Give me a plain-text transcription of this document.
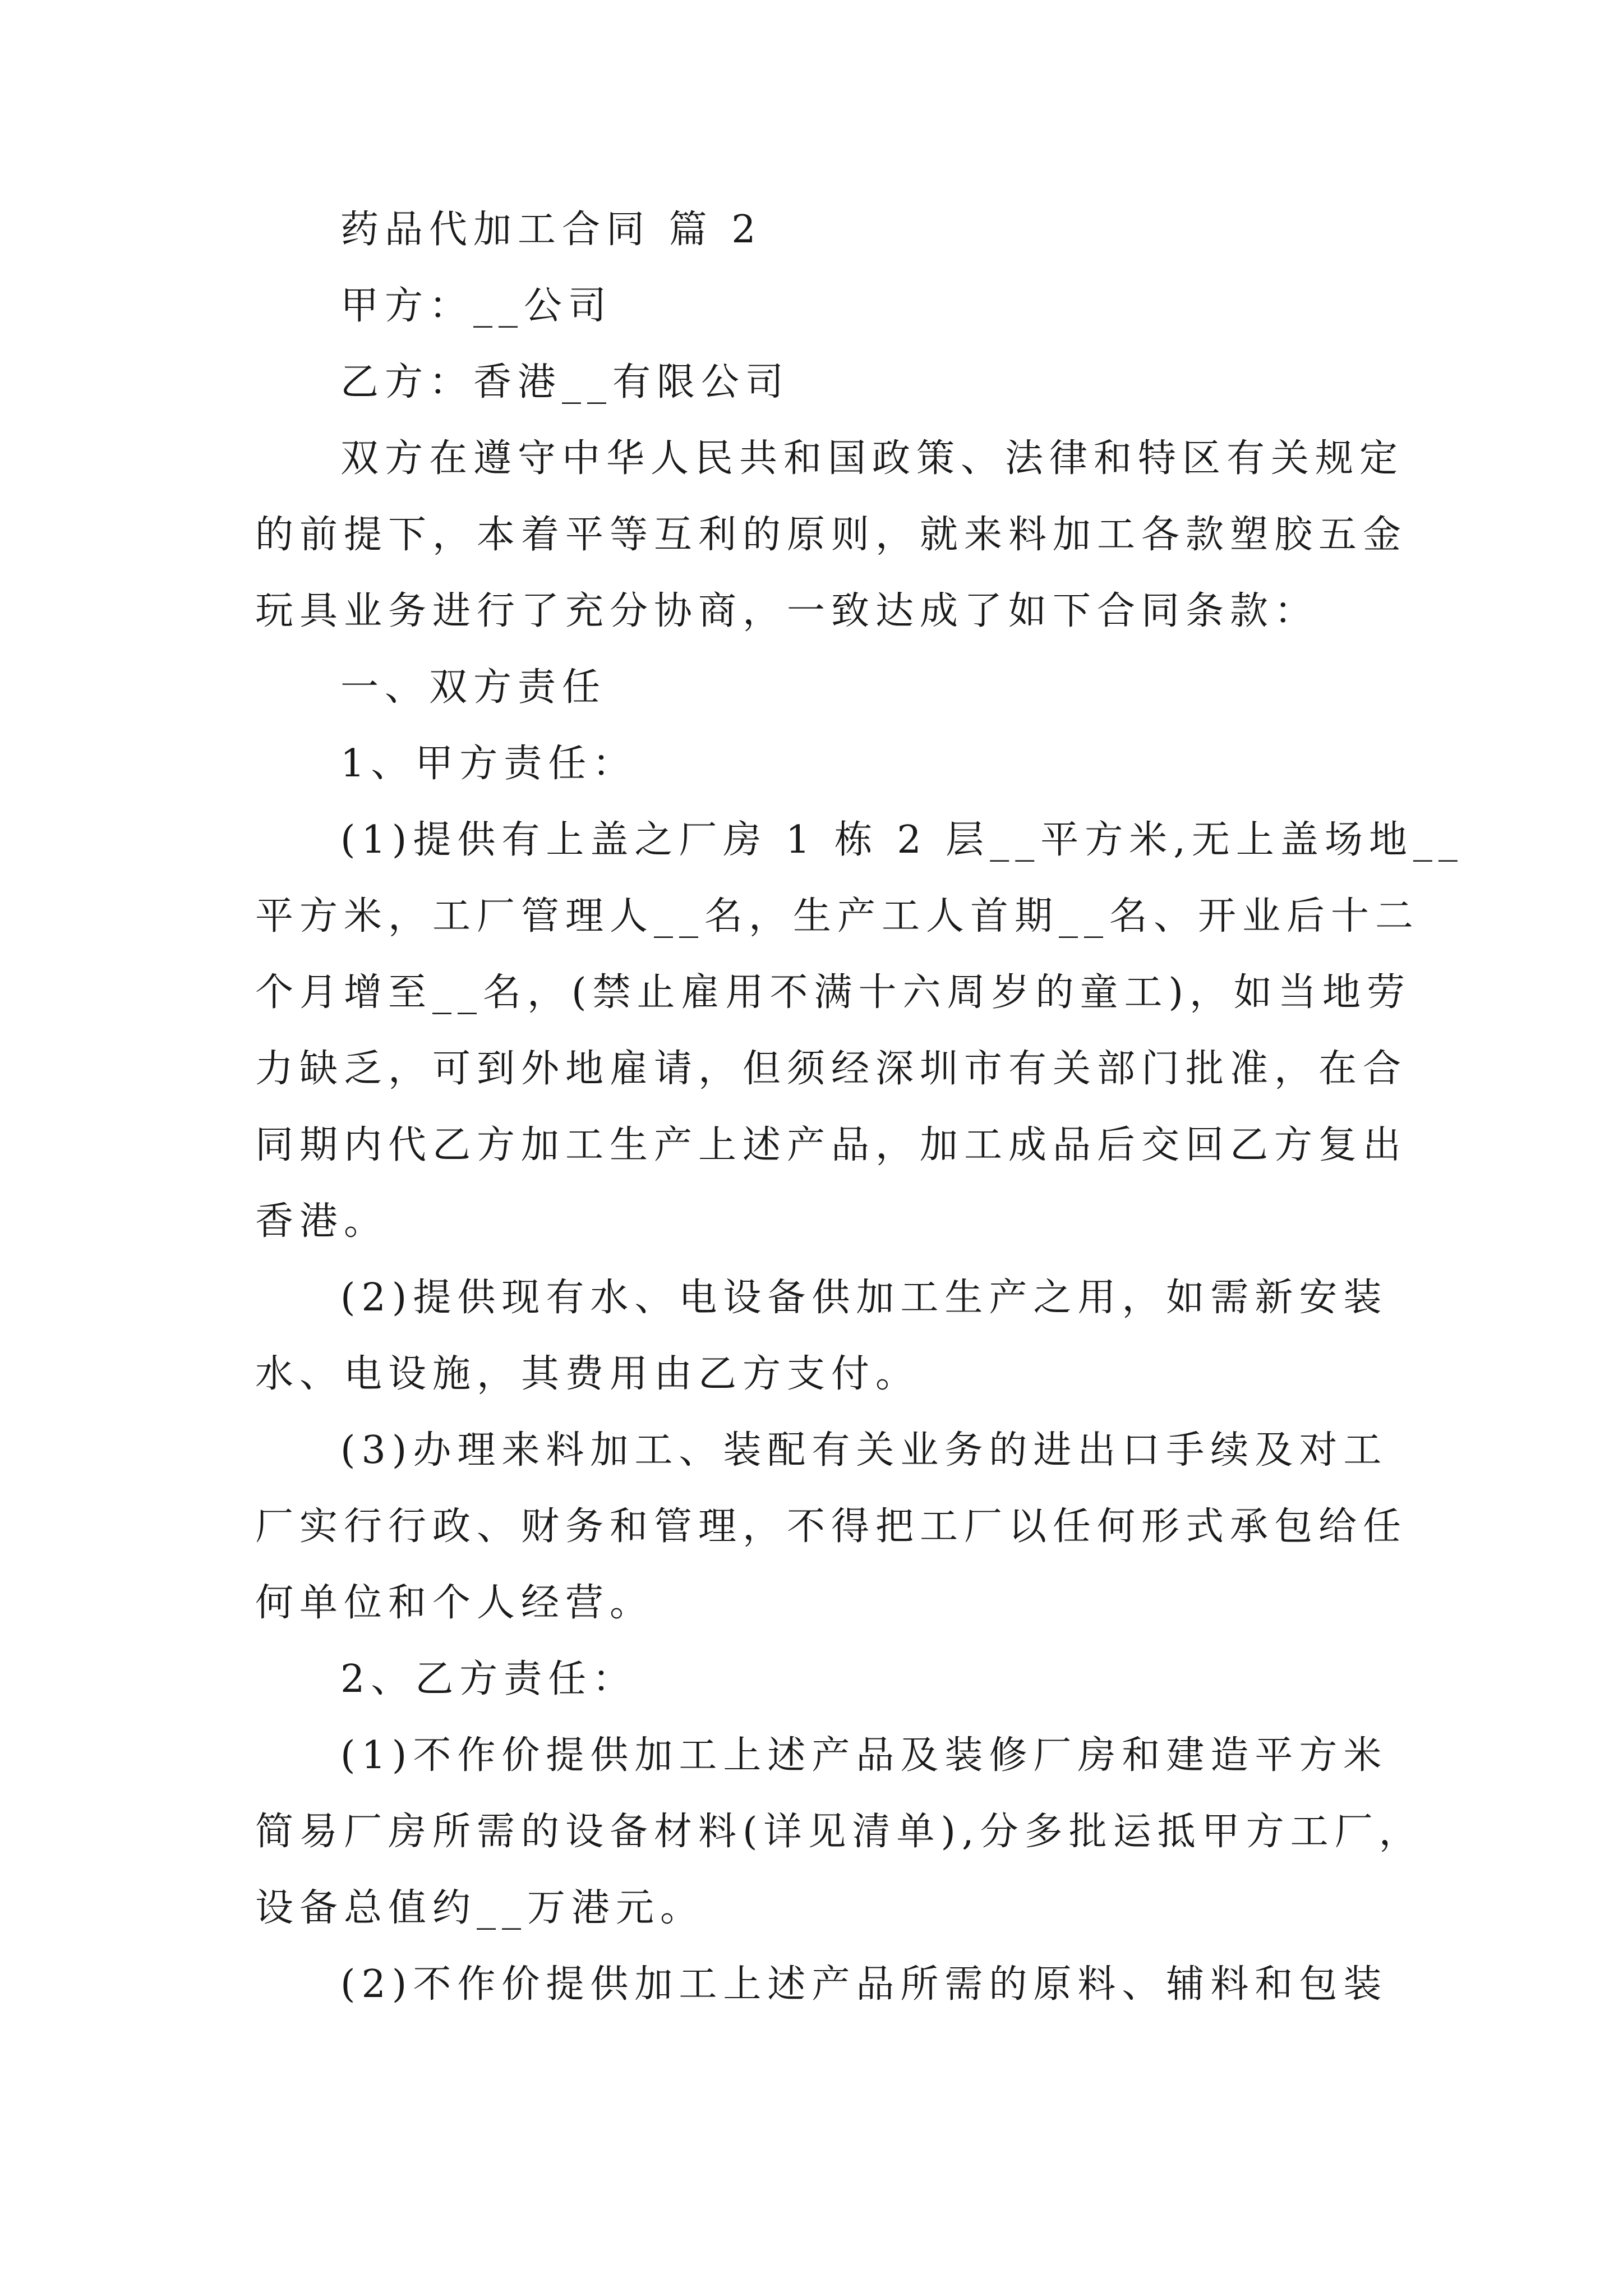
药品代加工合同 篇 2
甲方：__公司
乙方：香港__有限公司
双方在遵守中华人民共和国政策、法律和特区有关规定
的前提下，本着平等互利的原则，就来料加工各款塑胶五金
玩具业务进行了充分协商，一致达成了如下合同条款：
一、双方责任
1、甲方责任：
(1)提供有上盖之厂房 1 栋 2 层__平方米,无上盖场地__
平方米，工厂管理人__名，生产工人首期__名、开业后十二
个月增至__名，(禁止雇用不满十六周岁的童工)，如当地劳
力缺乏，可到外地雇请，但须经深圳市有关部门批准，在合
同期内代乙方加工生产上述产品，加工成品后交回乙方复出
香港。
(2)提供现有水、电设备供加工生产之用，如需新安装
水、电设施，其费用由乙方支付。
(3)办理来料加工、装配有关业务的进出口手续及对工
厂实行行政、财务和管理，不得把工厂以任何形式承包给任
何单位和个人经营。
2、乙方责任：
(1)不作价提供加工上述产品及装修厂房和建造平方米
简易厂房所需的设备材料(详见清单),分多批运抵甲方工厂，
设备总值约__万港元。
(2)不作价提供加工上述产品所需的原料、辅料和包装
